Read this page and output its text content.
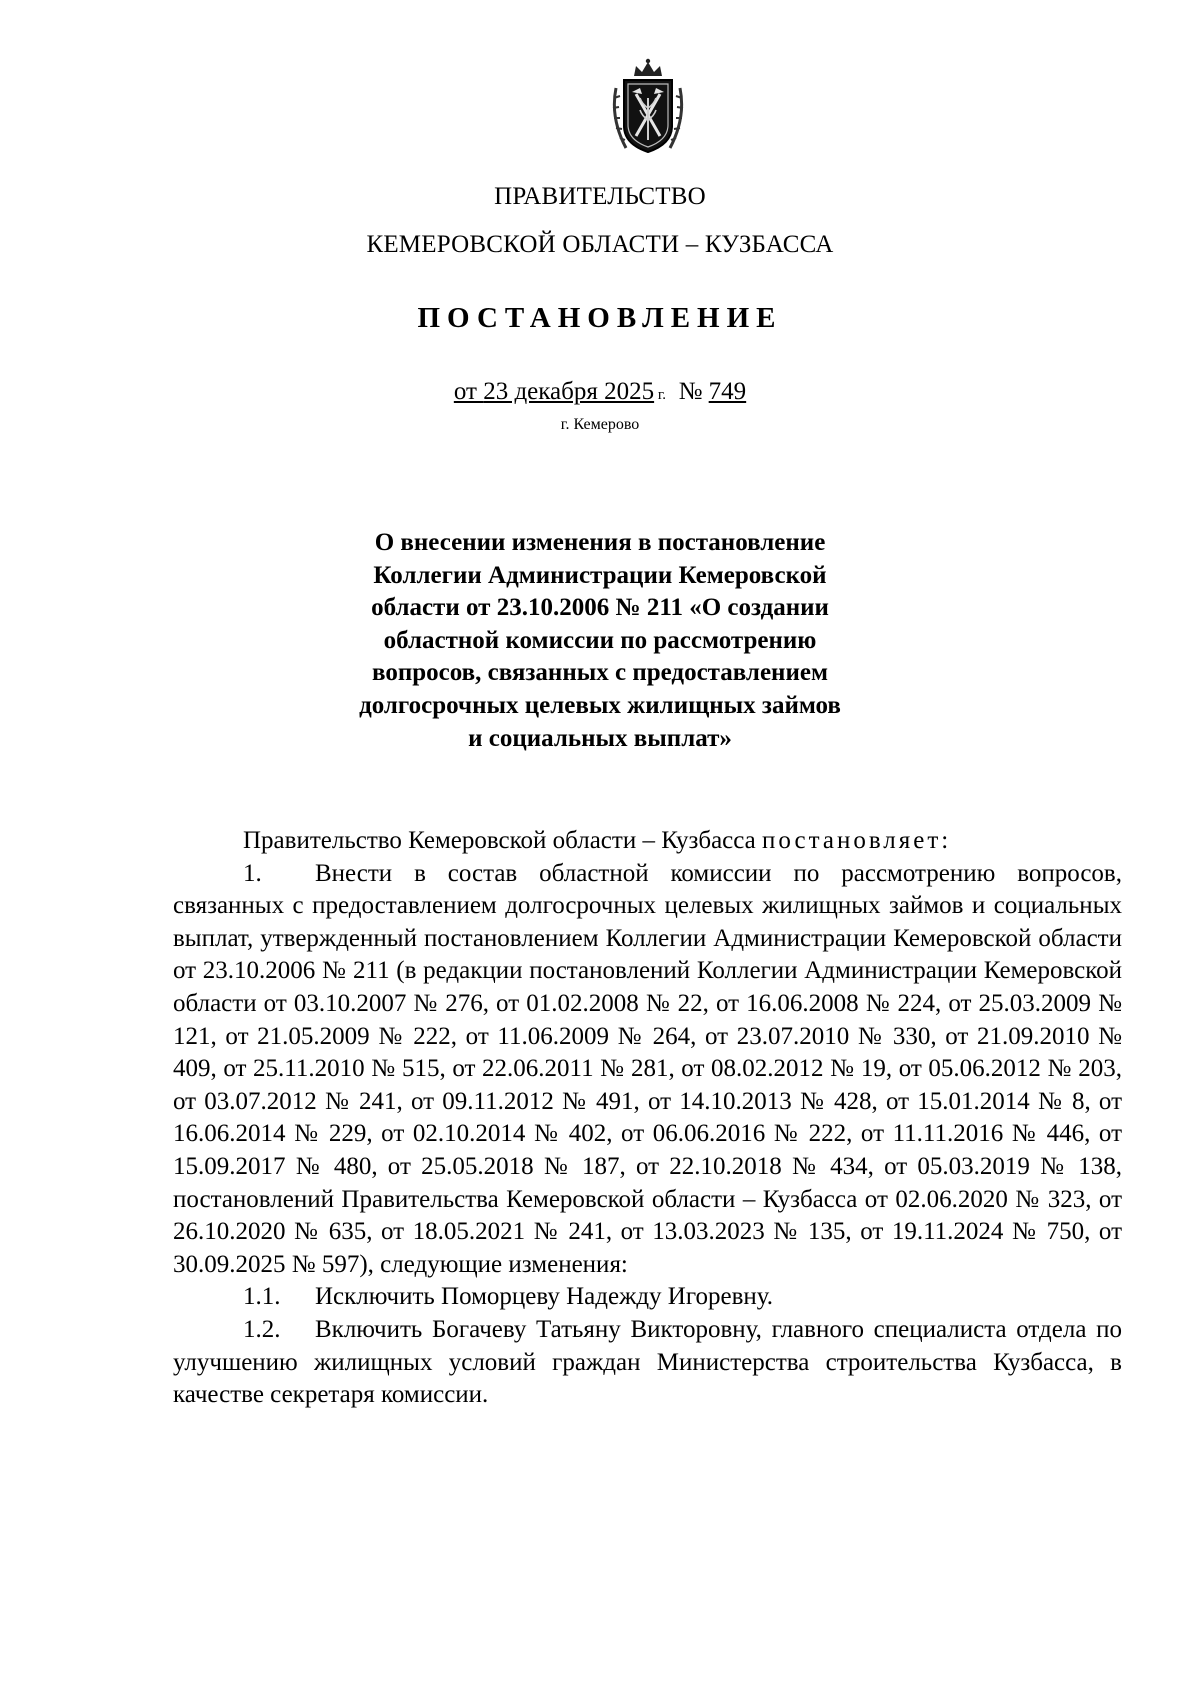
ПРАВИТЕЛЬСТВО
КЕМЕРОВСКОЙ ОБЛАСТИ – КУЗБАССА
ПОСТАНОВЛЕНИЕ
от 23 декабря 2025 г. № 749
г. Кемерово
О внесении изменения в постановление
Коллегии Администрации Кемеровской
области от 23.10.2006 № 211 «О создании
областной комиссии по рассмотрению
вопросов, связанных с предоставлением
долгосрочных целевых жилищных займов
и социальных выплат»

Правительство Кемеровской области – Кузбасса постановляет:

1. Внести в состав областной комиссии по рассмотрению вопросов, связанных с предоставлением долгосрочных целевых жилищных займов и социальных выплат, утвержденный постановлением Коллегии Администрации Кемеровской области от 23.10.2006 № 211 (в редакции постановлений Коллегии Администрации Кемеровской области от 03.10.2007 № 276, от 01.02.2008 № 22, от 16.06.2008 № 224, от 25.03.2009 № 121, от 21.05.2009 № 222, от 11.06.2009 № 264, от 23.07.2010 № 330, от 21.09.2010 № 409, от 25.11.2010 № 515, от 22.06.2011 № 281, от 08.02.2012 № 19, от 05.06.2012 № 203, от 03.07.2012 № 241, от 09.11.2012 № 491, от 14.10.2013 № 428, от 15.01.2014 № 8, от 16.06.2014 № 229, от 02.10.2014 № 402, от 06.06.2016 № 222, от 11.11.2016 № 446, от 15.09.2017 № 480, от 25.05.2018 № 187, от 22.10.2018 № 434, от 05.03.2019 № 138, постановлений Правительства Кемеровской области – Кузбасса от 02.06.2020 № 323, от 26.10.2020 № 635, от 18.05.2021 № 241, от 13.03.2023 № 135, от 19.11.2024 № 750, от 30.09.2025 № 597), следующие изменения:

1.1. Исключить Поморцеву Надежду Игоревну.

1.2. Включить Богачеву Татьяну Викторовну, главного специалиста отдела по улучшению жилищных условий граждан Министерства строительства Кузбасса, в качестве секретаря комиссии.
